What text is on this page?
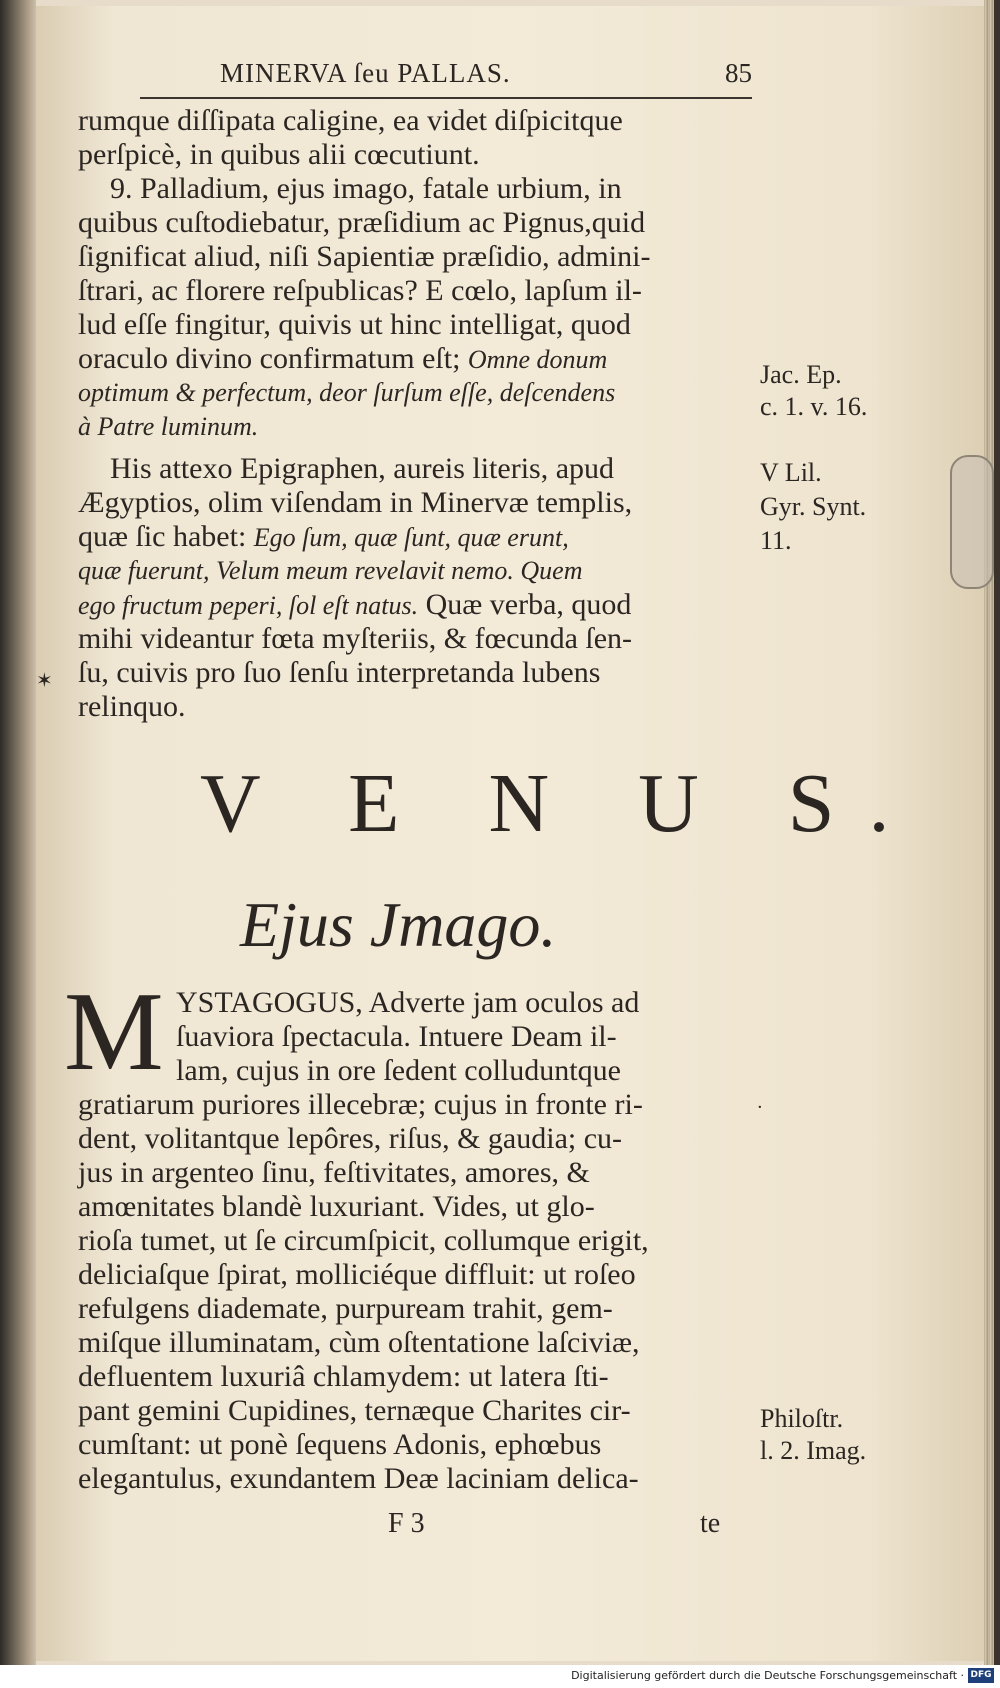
MINERVA ſeu PALLAS.	85
rumque diſſipata caligine, ea videt diſpicitque
perſpicè, in quibus alii cœcutiunt.
9. Palladium, ejus imago, fatale urbium, in
quibus cuſtodiebatur, præſidium ac Pignus,quid
ſignificat aliud, niſi Sapientiæ præſidio, admini-
ſtrari, ac florere reſpublicas? E cœlo, lapſum il-
lud eſſe fingitur, quivis ut hinc intelligat, quod
oraculo divino confirmatum eſt; Omne donum
optimum & perfectum, deor ſurſum eſſe, deſcendens
à Patre luminum.
His attexo Epigraphen, aureis literis, apud
Ægyptios, olim viſendam in Minervæ templis,
quæ ſic habet: Ego ſum, quæ ſunt, quæ erunt,
quæ fuerunt, Velum meum revelavit nemo. Quem
ego fructum peperi, ſol eſt natus. Quæ verba, quod
mihi videantur fœta myſteriis, & fœcunda ſen-
ſu, cuivis pro ſuo ſenſu interpretanda lubens
relinquo.
✶
Jac. Ep.
c. 1. v. 16.
V Lil.
Gyr. Synt.
11.
V E N U S.
Ejus Jmago.
M YSTAGOGUS, Adverte jam oculos ad
ſuaviora ſpectacula. Intuere Deam il-
lam, cujus in ore ſedent colluduntque
gratiarum puriores illecebræ; cujus in fronte ri-
dent, volitantque lepôres, riſus, & gaudia; cu-
jus in argenteo ſinu, feſtivitates, amores, &
amœnitates blandè luxuriant. Vides, ut glo-
rioſa tumet, ut ſe circumſpicit, collumque erigit,
deliciaſque ſpirat, molliciéque diffluit: ut roſeo
refulgens diademate, purpuream trahit, gem-
miſque illuminatam, cùm oſtentatione laſciviæ,
defluentem luxuriâ chlamydem: ut latera ſti-
pant gemini Cupidines, ternæque Charites cir-
cumſtant: ut ponè ſequens Adonis, ephœbus
elegantulus, exundantem Deæ laciniam delica-
·
Philoſtr.
l. 2. Imag.
F 3	te
Digitalisierung gefördert durch die Deutsche Forschungsgemeinschaft · DFG
